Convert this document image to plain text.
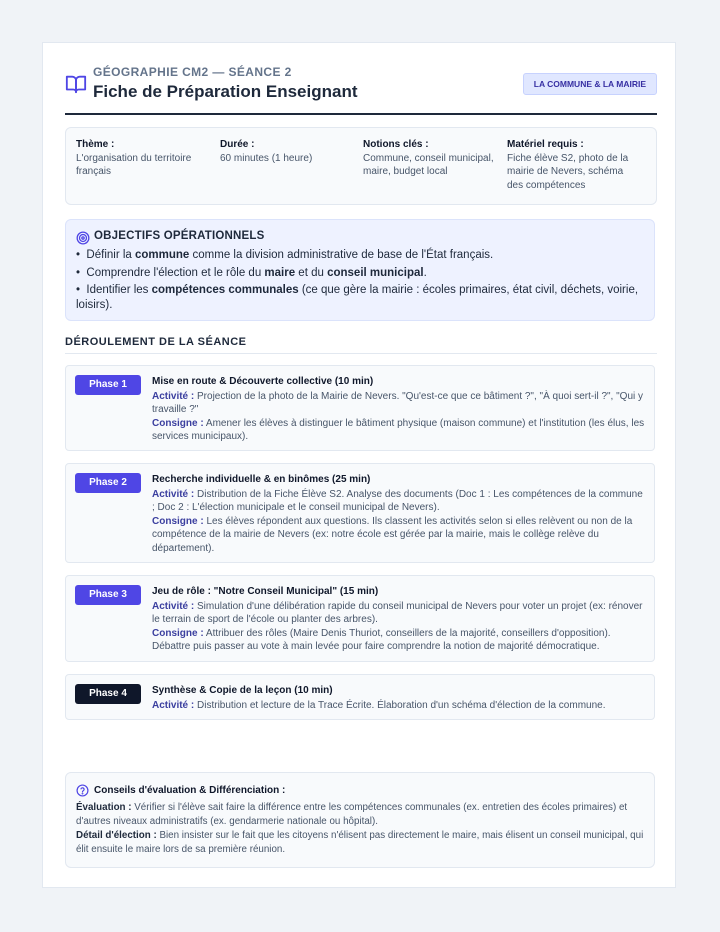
GÉOGRAPHIE CM2 — SÉANCE 2
Fiche de Préparation Enseignant	LA COMMUNE & LA MAIRIE
Thème :
L'organisation du territoire français
Durée :
60 minutes (1 heure)
Notions clés :
Commune, conseil municipal, maire, budget local
Matériel requis :
Fiche élève S2, photo de la mairie de Nevers, schéma des compétences
OBJECTIFS OPÉRATIONNELS
•  Définir la commune comme la division administrative de base de l'État français.
•  Comprendre l'élection et le rôle du maire et du conseil municipal.
•  Identifier les compétences communales (ce que gère la mairie : écoles primaires, état civil, déchets, voirie, loisirs).
DÉROULEMENT DE LA SÉANCE
Phase 1	Mise en route & Découverte collective (10 min)
Activité : Projection de la photo de la Mairie de Nevers. "Qu'est-ce que ce bâtiment ?", "À quoi sert-il ?", "Qui y travaille ?"
Consigne : Amener les élèves à distinguer le bâtiment physique (maison commune) et l'institution (les élus, les services municipaux).
Phase 2	Recherche individuelle & en binômes (25 min)
Activité : Distribution de la Fiche Élève S2. Analyse des documents (Doc 1 : Les compétences de la commune ; Doc 2 : L'élection municipale et le conseil municipal de Nevers).
Consigne : Les élèves répondent aux questions. Ils classent les activités selon si elles relèvent ou non de la compétence de la mairie de Nevers (ex: notre école est gérée par la mairie, mais le collège relève du département).
Phase 3	Jeu de rôle : "Notre Conseil Municipal" (15 min)
Activité : Simulation d'une délibération rapide du conseil municipal de Nevers pour voter un projet (ex: rénover le terrain de sport de l'école ou planter des arbres).
Consigne : Attribuer des rôles (Maire Denis Thuriot, conseillers de la majorité, conseillers d'opposition). Débattre puis passer au vote à main levée pour faire comprendre la notion de majorité démocratique.
Phase 4	Synthèse & Copie de la leçon (10 min)
Activité : Distribution et lecture de la Trace Écrite. Élaboration d'un schéma d'élection de la commune.
Conseils d'évaluation & Différenciation :
Évaluation : Vérifier si l'élève sait faire la différence entre les compétences communales (ex. entretien des écoles primaires) et d'autres niveaux administratifs (ex. gendarmerie nationale ou hôpital).
Détail d'élection : Bien insister sur le fait que les citoyens n'élisent pas directement le maire, mais élisent un conseil municipal, qui élit ensuite le maire lors de sa première réunion.
